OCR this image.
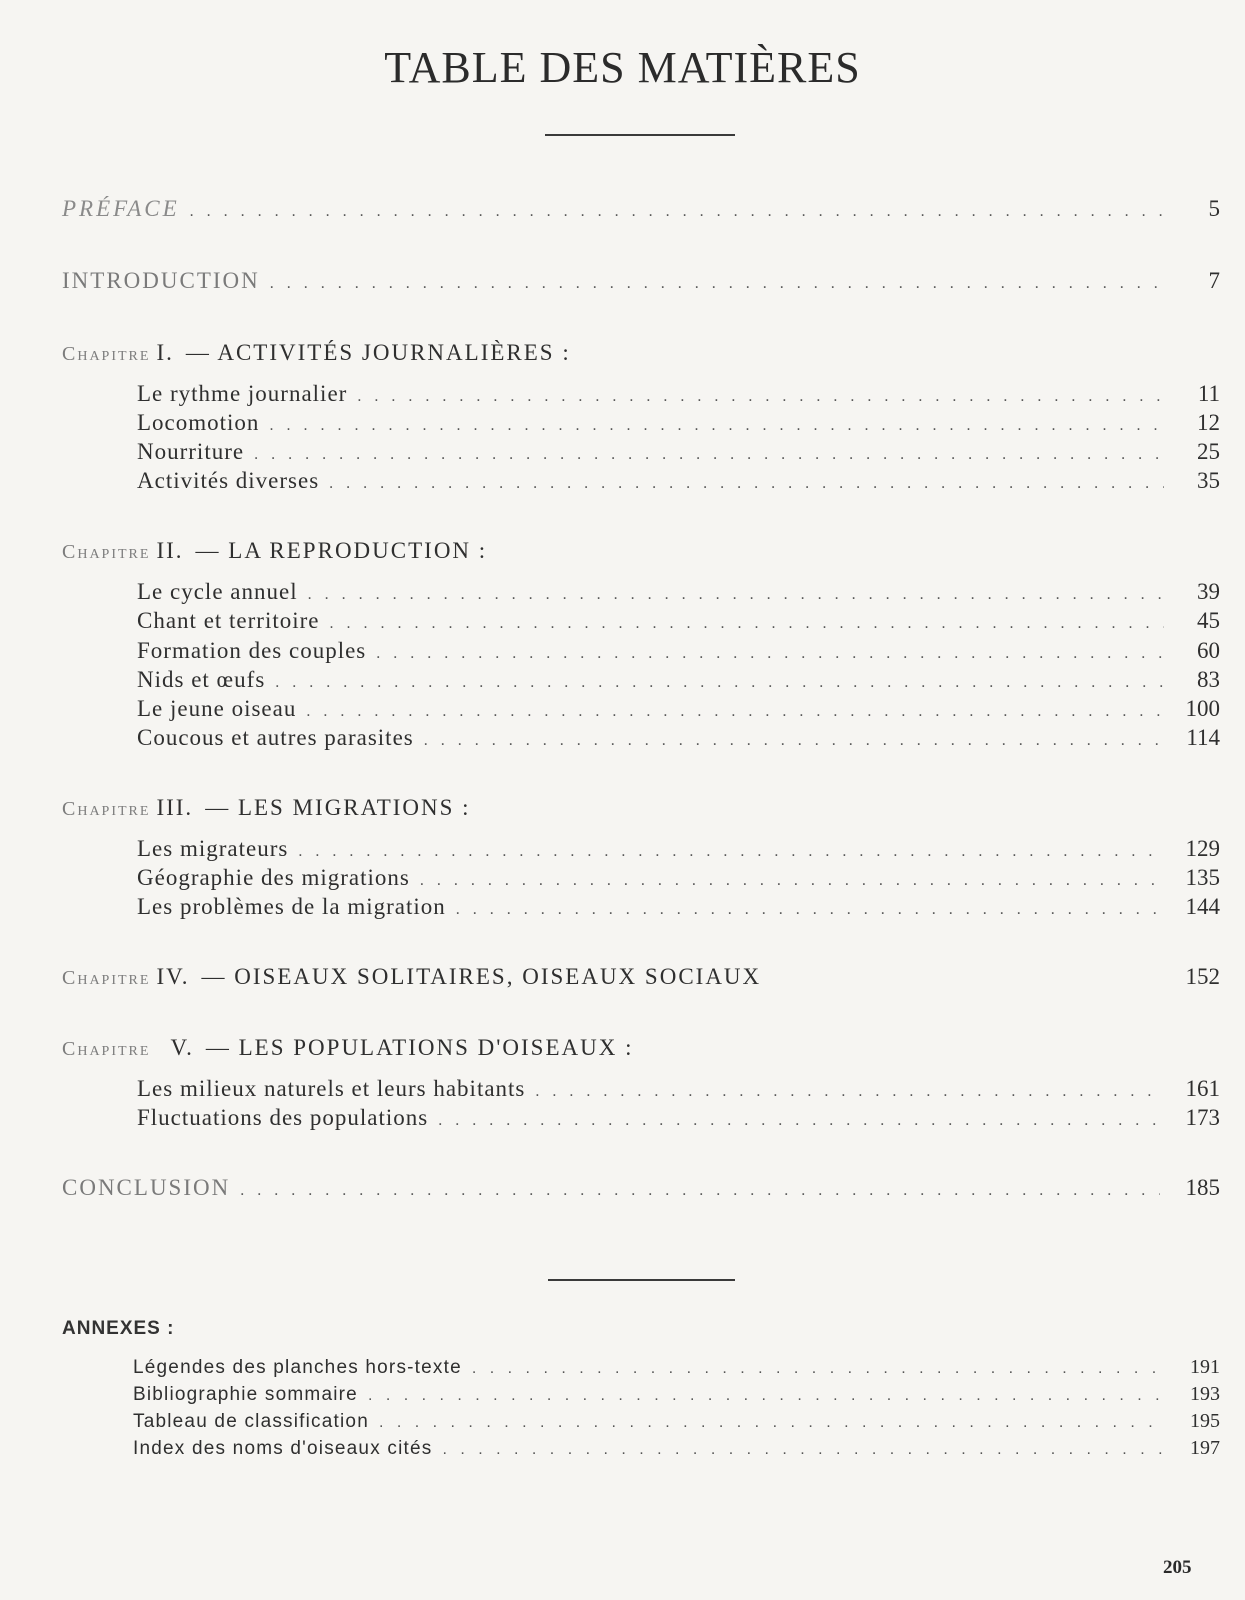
TABLE DES MATIÈRES
PRÉFACE . . .	5
INTRODUCTION . . .	7
Chapitre I. — ACTIVITÉS JOURNALIÈRES :
Le rythme journalier . . .	11
Locomotion . . .	12
Nourriture . . .	25
Activités diverses . . .	35
Chapitre II. — LA REPRODUCTION :
Le cycle annuel . . .	39
Chant et territoire . . .	45
Formation des couples . . .	60
Nids et œufs . . .	83
Le jeune oiseau . . .	100
Coucous et autres parasites . . .	114
Chapitre III. — LES MIGRATIONS :
Les migrateurs . . .	129
Géographie des migrations . . .	135
Les problèmes de la migration . . .	144
Chapitre IV. — OISEAUX SOLITAIRES, OISEAUX SOCIAUX	152
Chapitre V. — LES POPULATIONS D'OISEAUX :
Les milieux naturels et leurs habitants . . .	161
Fluctuations des populations . . .	173
CONCLUSION . . .	185
ANNEXES :
Légendes des planches hors-texte . . .	191
Bibliographie sommaire . . .	193
Tableau de classification . . .	195
Index des noms d'oiseaux cités . . .	197
205
